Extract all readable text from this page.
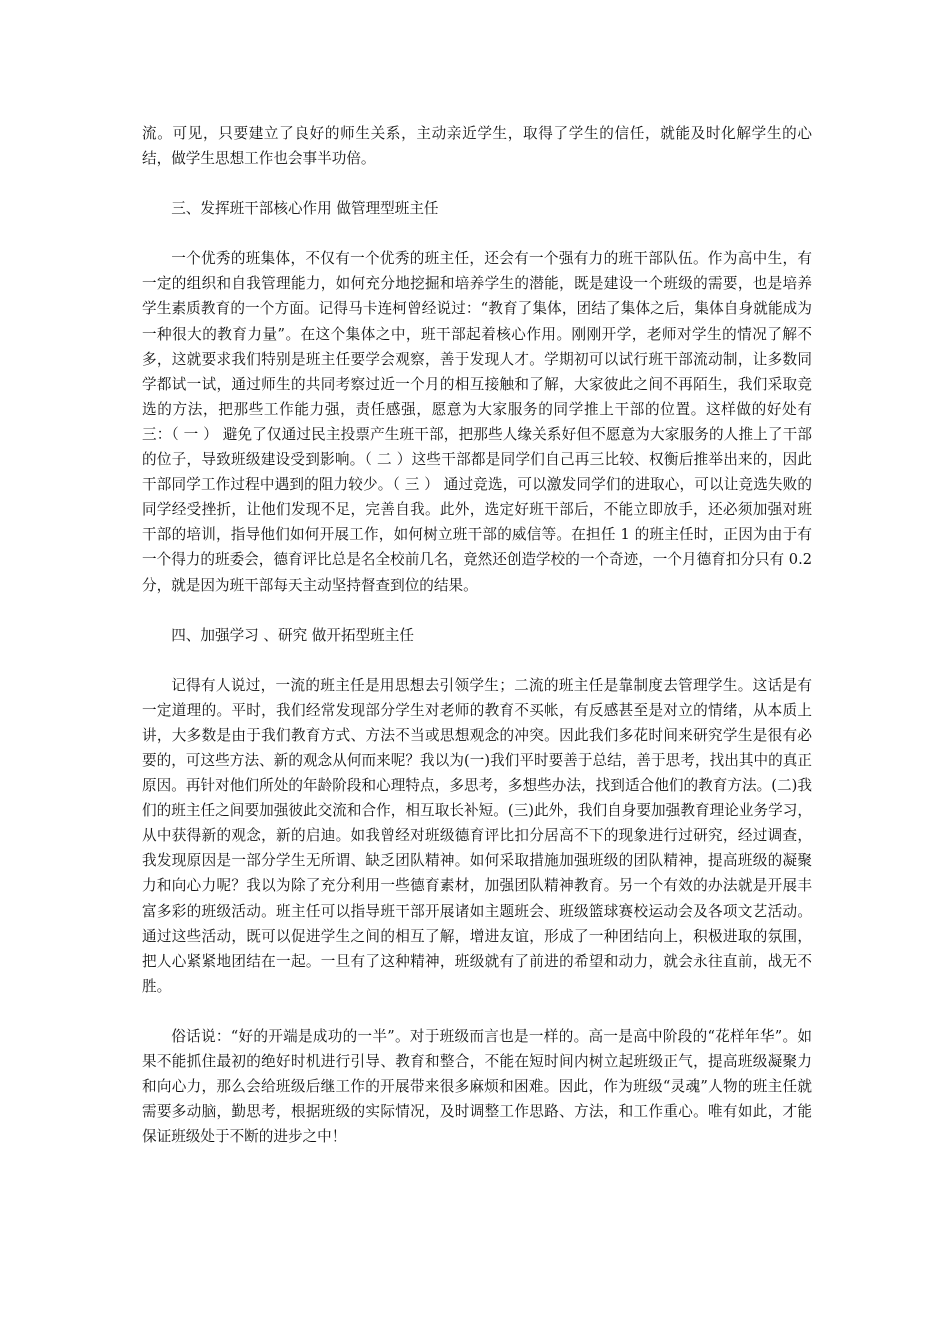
流。可见，只要建立了良好的师生关系，主动亲近学生，取得了学生的信任，就能及时化解学生的心结，做学生思想工作也会事半功倍。

三、发挥班干部核心作用 做管理型班主任

一个优秀的班集体，不仅有一个优秀的班主任，还会有一个强有力的班干部队伍。作为高中生，有一定的组织和自我管理能力，如何充分地挖掘和培养学生的潜能，既是建设一个班级的需要，也是培养学生素质教育的一个方面。记得马卡连柯曾经说过：“教育了集体，团结了集体之后，集体自身就能成为一种很大的教育力量”。在这个集体之中，班干部起着核心作用。刚刚开学，老师对学生的情况了解不多，这就要求我们特别是班主任要学会观察，善于发现人才。学期初可以试行班干部流动制，让多数同学都试一试，通过师生的共同考察过近一个月的相互接触和了解，大家彼此之间不再陌生，我们采取竞选的方法，把那些工作能力强，责任感强，愿意为大家服务的同学推上干部的位置。这样做的好处有三：（ 一 ） 避免了仅通过民主投票产生班干部，把那些人缘关系好但不愿意为大家服务的人推上了干部的位子，导致班级建设受到影响。（ 二 ）这些干部都是同学们自己再三比较、权衡后推举出来的，因此干部同学工作过程中遇到的阻力较少。（ 三 ） 通过竞选，可以激发同学们的进取心，可以让竞选失败的同学经受挫折，让他们发现不足，完善自我。此外，选定好班干部后，不能立即放手，还必须加强对班干部的培训，指导他们如何开展工作，如何树立班干部的威信等。在担任 1 的班主任时，正因为由于有一个得力的班委会，德育评比总是名全校前几名，竟然还创造学校的一个奇迹，一个月德育扣分只有 0.2 分，就是因为班干部每天主动坚持督查到位的结果。

四、加强学习 、研究 做开拓型班主任

记得有人说过，一流的班主任是用思想去引领学生；二流的班主任是靠制度去管理学生。这话是有一定道理的。平时，我们经常发现部分学生对老师的教育不买帐，有反感甚至是对立的情绪，从本质上讲，大多数是由于我们教育方式、方法不当或思想观念的冲突。因此我们多花时间来研究学生是很有必要的，可这些方法、新的观念从何而来呢？我以为(一)我们平时要善于总结，善于思考，找出其中的真正原因。再针对他们所处的年龄阶段和心理特点，多思考，多想些办法，找到适合他们的教育方法。(二)我们的班主任之间要加强彼此交流和合作，相互取长补短。(三)此外，我们自身要加强教育理论业务学习，从中获得新的观念，新的启迪。如我曾经对班级德育评比扣分居高不下的现象进行过研究，经过调查，我发现原因是一部分学生无所谓、缺乏团队精神。如何采取措施加强班级的团队精神，提高班级的凝聚力和向心力呢？我以为除了充分利用一些德育素材，加强团队精神教育。另一个有效的办法就是开展丰富多彩的班级活动。班主任可以指导班干部开展诸如主题班会、班级篮球赛校运动会及各项文艺活动。通过这些活动，既可以促进学生之间的相互了解，增进友谊，形成了一种团结向上，积极进取的氛围，把人心紧紧地团结在一起。一旦有了这种精神，班级就有了前进的希望和动力，就会永往直前，战无不胜。

俗话说：“好的开端是成功的一半”。对于班级而言也是一样的。高一是高中阶段的“花样年华”。如果不能抓住最初的绝好时机进行引导、教育和整合，不能在短时间内树立起班级正气，提高班级凝聚力和向心力，那么会给班级后继工作的开展带来很多麻烦和困难。因此，作为班级“灵魂”人物的班主任就需要多动脑，勤思考，根据班级的实际情况，及时调整工作思路、方法，和工作重心。唯有如此，才能保证班级处于不断的进步之中！
